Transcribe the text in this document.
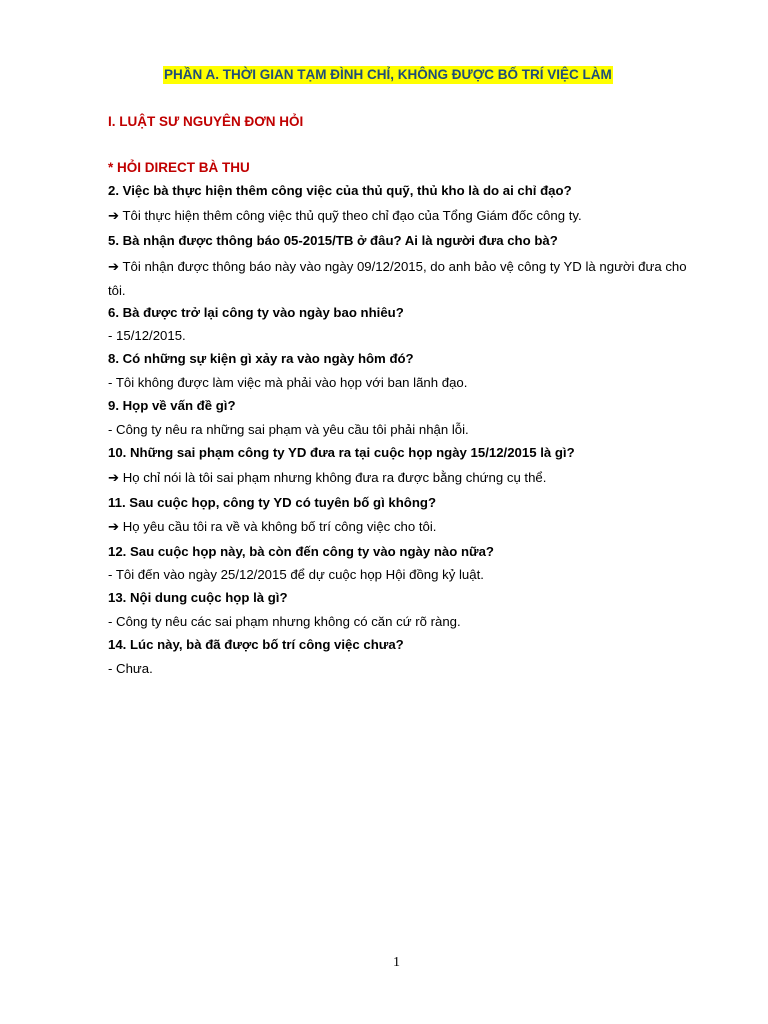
PHẦN A. THỜI GIAN TẠM ĐÌNH CHỈ, KHÔNG ĐƯỢC BỐ TRÍ VIỆC LÀM
I. LUẬT SƯ NGUYÊN ĐƠN HỎI
* HỎI DIRECT BÀ THU
2. Việc bà thực hiện thêm công việc của thủ quỹ, thủ kho là do ai chỉ đạo?
➔ Tôi thực hiện thêm công việc thủ quỹ theo chỉ đạo của Tổng Giám đốc công ty.
5. Bà nhận được thông báo 05-2015/TB ở đâu? Ai là người đưa cho bà?
➔ Tôi nhận được thông báo này vào ngày 09/12/2015, do anh bảo vệ công ty YD là người đưa cho tôi.
6. Bà được trở lại công ty vào ngày bao nhiêu?
- 15/12/2015.
8. Có những sự kiện gì xảy ra vào ngày hôm đó?
- Tôi không được làm việc mà phải vào họp với ban lãnh đạo.
9. Họp về vấn đề gì?
- Công ty nêu ra những sai phạm và yêu cầu tôi phải nhận lỗi.
10. Những sai phạm công ty YD đưa ra tại cuộc họp ngày 15/12/2015 là gì?
➔ Họ chỉ nói là tôi sai phạm nhưng không đưa ra được bằng chứng cụ thể.
11. Sau cuộc họp, công ty YD có tuyên bố gì không?
➔ Họ yêu cầu tôi ra về và không bố trí công việc cho tôi.
12. Sau cuộc họp này, bà còn đến công ty vào ngày nào nữa?
- Tôi đến vào ngày 25/12/2015 để dự cuộc họp Hội đồng kỷ luật.
13. Nội dung cuộc họp là gì?
- Công ty nêu các sai phạm nhưng không có căn cứ rõ ràng.
14. Lúc này, bà đã được bố trí công việc chưa?
- Chưa.
1
